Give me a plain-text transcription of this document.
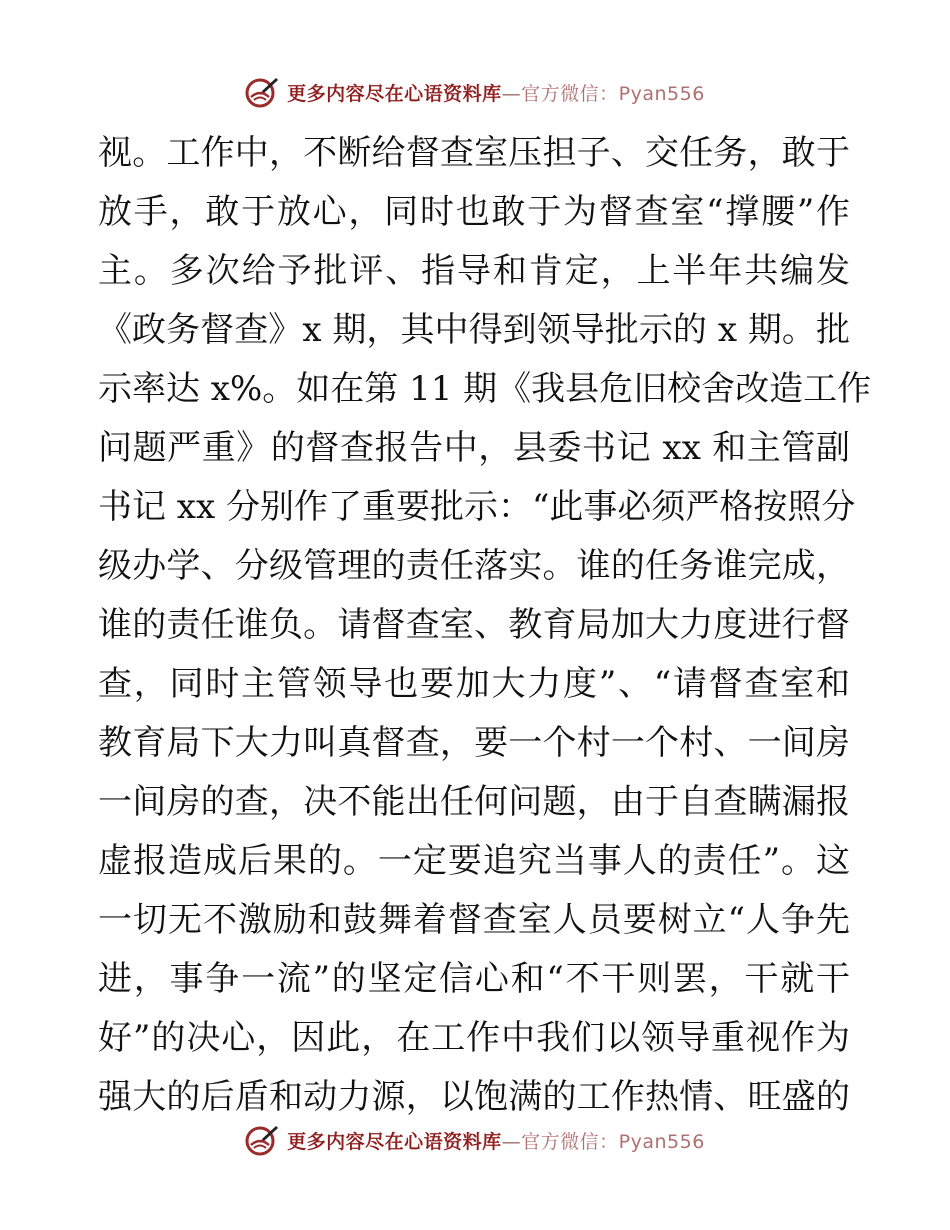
更多内容尽在心语资料库 — 官方微信：Pyan556
视。工作中，不断给督查室压担子、交任务，敢于
放手，敢于放心，同时也敢于为督查室“撑腰”作
主。多次给予批评、指导和肯定，上半年共编发
《政务督查》x 期，其中得到领导批示的 x 期。批
示率达 x%。如在第 11 期《我县危旧校舍改造工作
问题严重》的督查报告中，县委书记 xx 和主管副
书记 xx 分别作了重要批示：“此事必须严格按照分
级办学、分级管理的责任落实。谁的任务谁完成，
谁的责任谁负。请督查室、教育局加大力度进行督
查，同时主管领导也要加大力度”、“请督查室和
教育局下大力叫真督查，要一个村一个村、一间房
一间房的查，决不能出任何问题，由于自查瞒漏报
虚报造成后果的。一定要追究当事人的责任”。这
一切无不激励和鼓舞着督查室人员要树立“人争先
进，事争一流”的坚定信心和“不干则罢，干就干
好”的决心，因此，在工作中我们以领导重视作为
强大的后盾和动力源，以饱满的工作热情、旺盛的
更多内容尽在心语资料库 — 官方微信：Pyan556
